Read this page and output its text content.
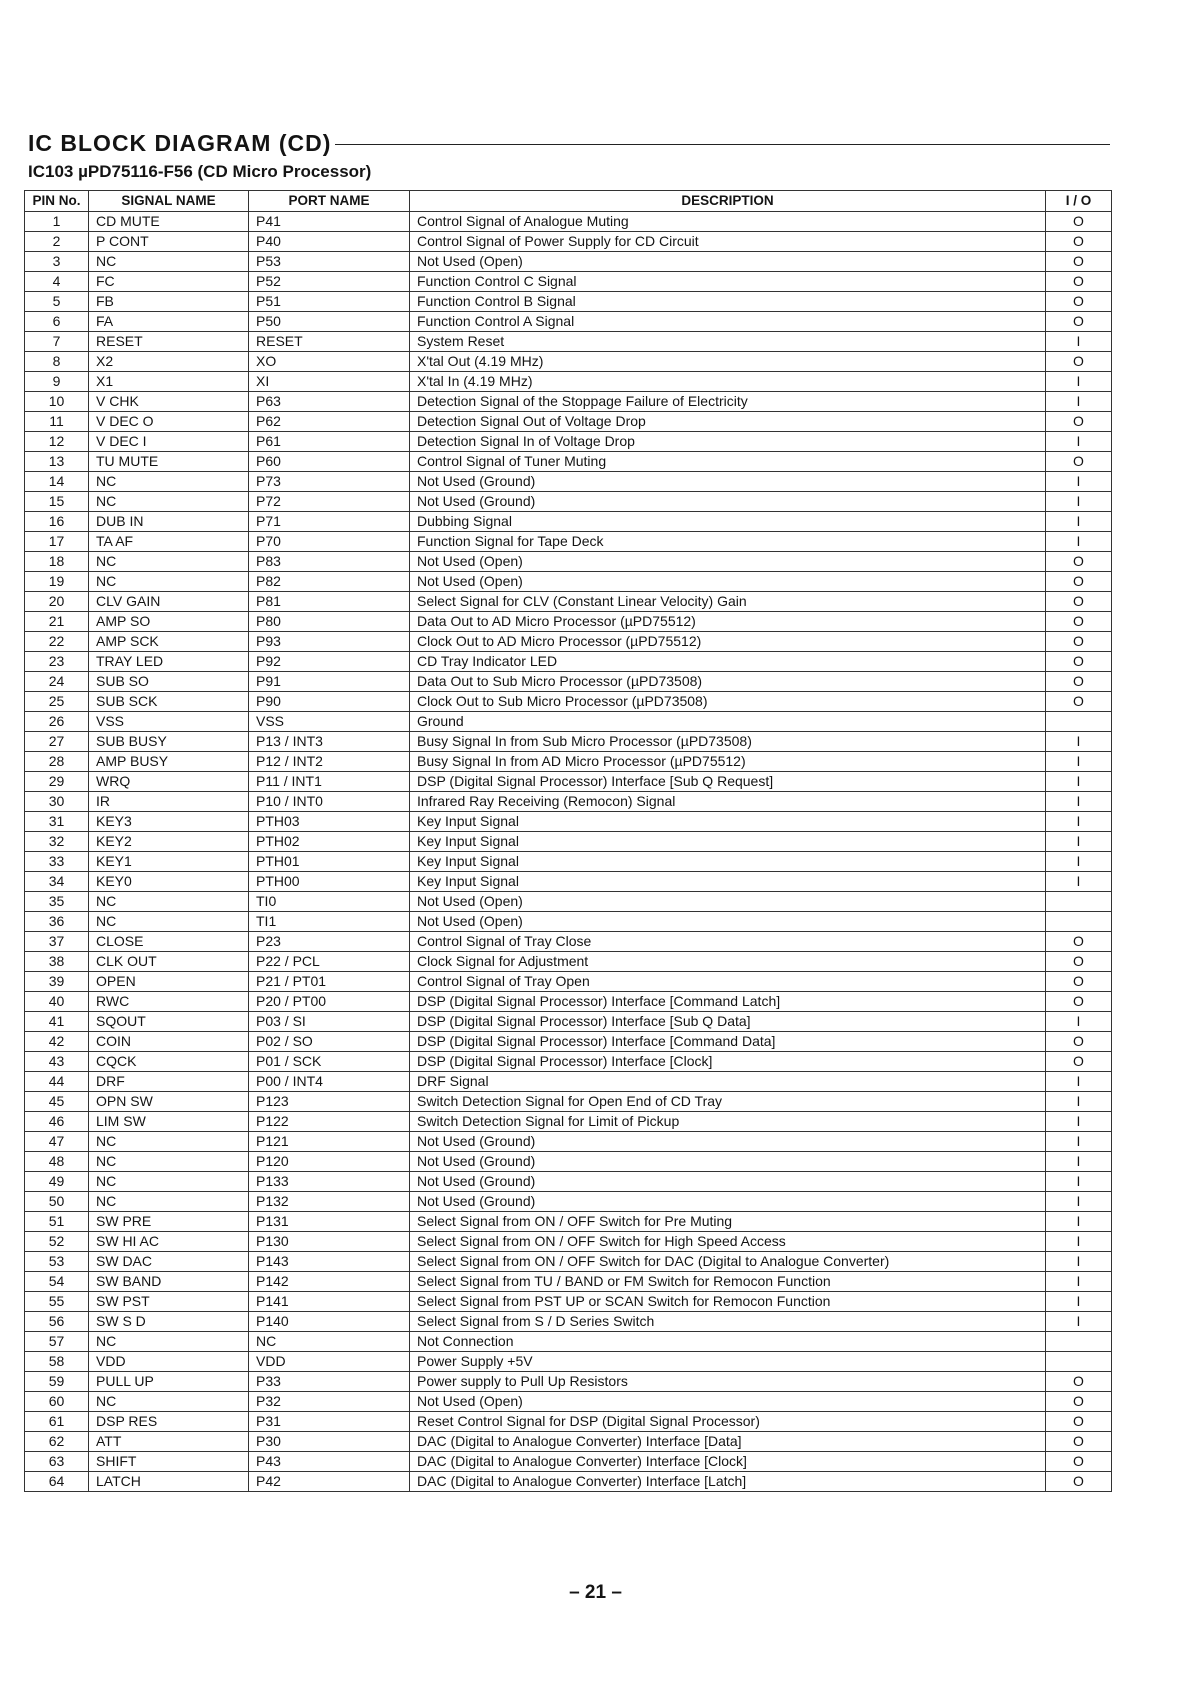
IC BLOCK DIAGRAM (CD)
IC103 µPD75116-F56 (CD Micro Processor)
PIN No.	SIGNAL NAME	PORT NAME	DESCRIPTION	I / O
1	CD MUTE	P41	Control Signal of Analogue Muting	O
2	P CONT	P40	Control Signal of Power Supply for CD Circuit	O
3	NC	P53	Not Used (Open)	O
4	FC	P52	Function Control C Signal	O
5	FB	P51	Function Control B Signal	O
6	FA	P50	Function Control A Signal	O
7	RESET	RESET	System Reset	I
8	X2	XO	X'tal Out (4.19 MHz)	O
9	X1	XI	X'tal In (4.19 MHz)	I
10	V CHK	P63	Detection Signal of the Stoppage Failure of Electricity	I
11	V DEC O	P62	Detection Signal Out of Voltage Drop	O
12	V DEC I	P61	Detection Signal In of Voltage Drop	I
13	TU MUTE	P60	Control Signal of Tuner Muting	O
14	NC	P73	Not Used (Ground)	I
15	NC	P72	Not Used (Ground)	I
16	DUB IN	P71	Dubbing Signal	I
17	TA AF	P70	Function Signal for Tape Deck	I
18	NC	P83	Not Used (Open)	O
19	NC	P82	Not Used (Open)	O
20	CLV GAIN	P81	Select Signal for CLV (Constant Linear Velocity) Gain	O
21	AMP SO	P80	Data Out to AD Micro Processor (µPD75512)	O
22	AMP SCK	P93	Clock Out to AD Micro Processor (µPD75512)	O
23	TRAY LED	P92	CD Tray Indicator LED	O
24	SUB SO	P91	Data Out to Sub Micro Processor (µPD73508)	O
25	SUB SCK	P90	Clock Out to Sub Micro Processor (µPD73508)	O
26	VSS	VSS	Ground	
27	SUB BUSY	P13 / INT3	Busy Signal In from Sub Micro Processor (µPD73508)	I
28	AMP BUSY	P12 / INT2	Busy Signal In from AD Micro Processor (µPD75512)	I
29	WRQ	P11 / INT1	DSP (Digital Signal Processor) Interface [Sub Q Request]	I
30	IR	P10 / INT0	Infrared Ray Receiving (Remocon) Signal	I
31	KEY3	PTH03	Key Input Signal	I
32	KEY2	PTH02	Key Input Signal	I
33	KEY1	PTH01	Key Input Signal	I
34	KEY0	PTH00	Key Input Signal	I
35	NC	TI0	Not Used (Open)	
36	NC	TI1	Not Used (Open)	
37	CLOSE	P23	Control Signal of Tray Close	O
38	CLK OUT	P22 / PCL	Clock Signal for Adjustment	O
39	OPEN	P21 / PT01	Control Signal of Tray Open	O
40	RWC	P20 / PT00	DSP (Digital Signal Processor) Interface [Command Latch]	O
41	SQOUT	P03 / SI	DSP (Digital Signal Processor) Interface [Sub Q Data]	I
42	COIN	P02 / SO	DSP (Digital Signal Processor) Interface [Command Data]	O
43	CQCK	P01 / SCK	DSP (Digital Signal Processor) Interface [Clock]	O
44	DRF	P00 / INT4	DRF Signal	I
45	OPN SW	P123	Switch Detection Signal for Open End of CD Tray	I
46	LIM SW	P122	Switch Detection Signal for Limit of Pickup	I
47	NC	P121	Not Used (Ground)	I
48	NC	P120	Not Used (Ground)	I
49	NC	P133	Not Used (Ground)	I
50	NC	P132	Not Used (Ground)	I
51	SW PRE	P131	Select Signal from ON / OFF Switch for Pre Muting	I
52	SW HI AC	P130	Select Signal from ON / OFF Switch for High Speed Access	I
53	SW DAC	P143	Select Signal from ON / OFF Switch for DAC (Digital to Analogue Converter)	I
54	SW BAND	P142	Select Signal from TU / BAND or FM Switch for Remocon Function	I
55	SW PST	P141	Select Signal from PST UP or SCAN Switch for Remocon Function	I
56	SW S D	P140	Select Signal from S / D Series Switch	I
57	NC	NC	Not Connection	
58	VDD	VDD	Power Supply +5V	
59	PULL UP	P33	Power supply to Pull Up Resistors	O
60	NC	P32	Not Used (Open)	O
61	DSP RES	P31	Reset Control Signal for DSP (Digital Signal Processor)	O
62	ATT	P30	DAC (Digital to Analogue Converter) Interface [Data]	O
63	SHIFT	P43	DAC (Digital to Analogue Converter) Interface [Clock]	O
64	LATCH	P42	DAC (Digital to Analogue Converter) Interface [Latch]	O
– 21 –
